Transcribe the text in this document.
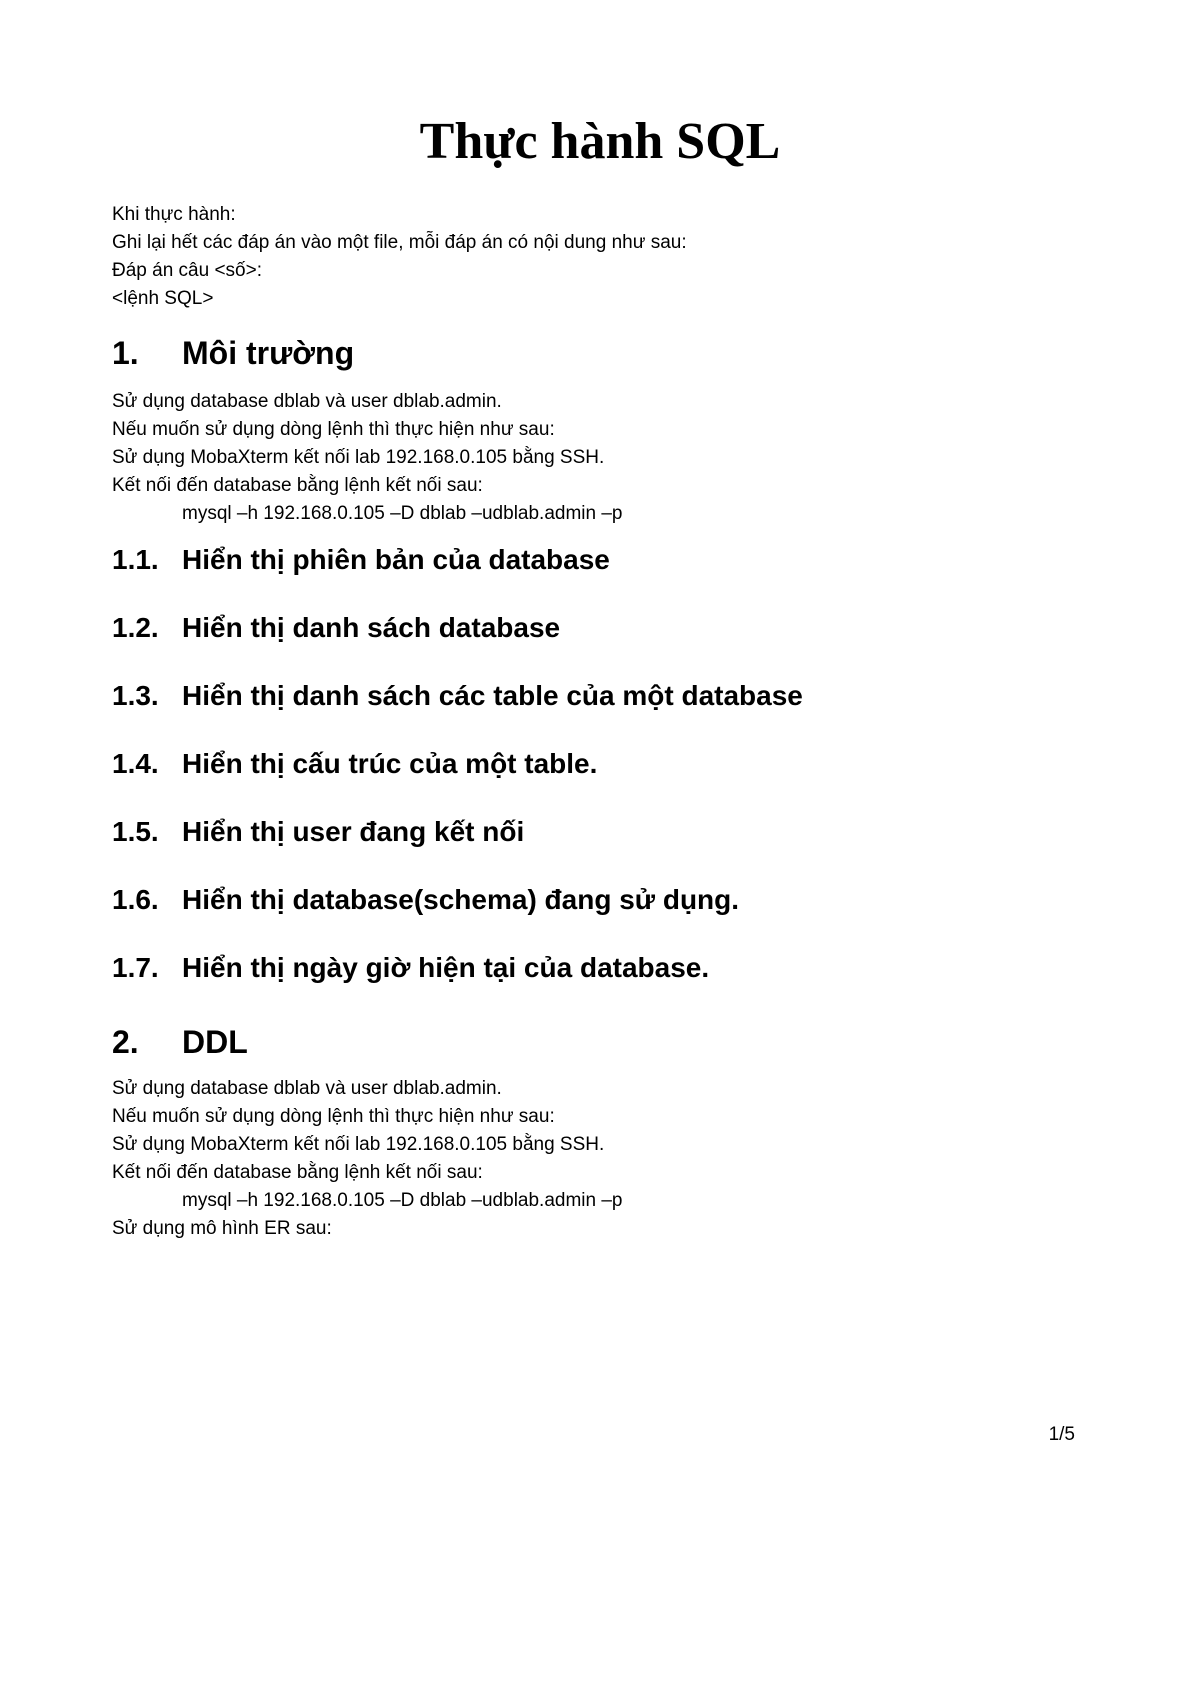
Thực hành SQL

Khi thực hành:

Ghi lại hết các đáp án vào một file, mỗi đáp án có nội dung như sau:

Đáp án câu <số>:

<lệnh SQL>

1. Môi trường

Sử dụng database dblab và user dblab.admin.

Nếu muốn sử dụng dòng lệnh thì thực hiện như sau:

Sử dụng MobaXterm kết nối lab 192.168.0.105 bằng SSH.

Kết nối đến database bằng lệnh kết nối sau:

mysql –h 192.168.0.105 –D dblab –udblab.admin –p

1.1. Hiển thị phiên bản của database
1.2. Hiển thị danh sách database
1.3. Hiển thị danh sách các table của một database
1.4. Hiển thị cấu trúc của một table.
1.5. Hiển thị user đang kết nối
1.6. Hiển thị database(schema) đang sử dụng.
1.7. Hiển thị ngày giờ hiện tại của database.
2. DDL

Sử dụng database dblab và user dblab.admin.

Nếu muốn sử dụng dòng lệnh thì thực hiện như sau:

Sử dụng MobaXterm kết nối lab 192.168.0.105 bằng SSH.

Kết nối đến database bằng lệnh kết nối sau:

mysql –h 192.168.0.105 –D dblab –udblab.admin –p

Sử dụng mô hình ER sau:

1/5
